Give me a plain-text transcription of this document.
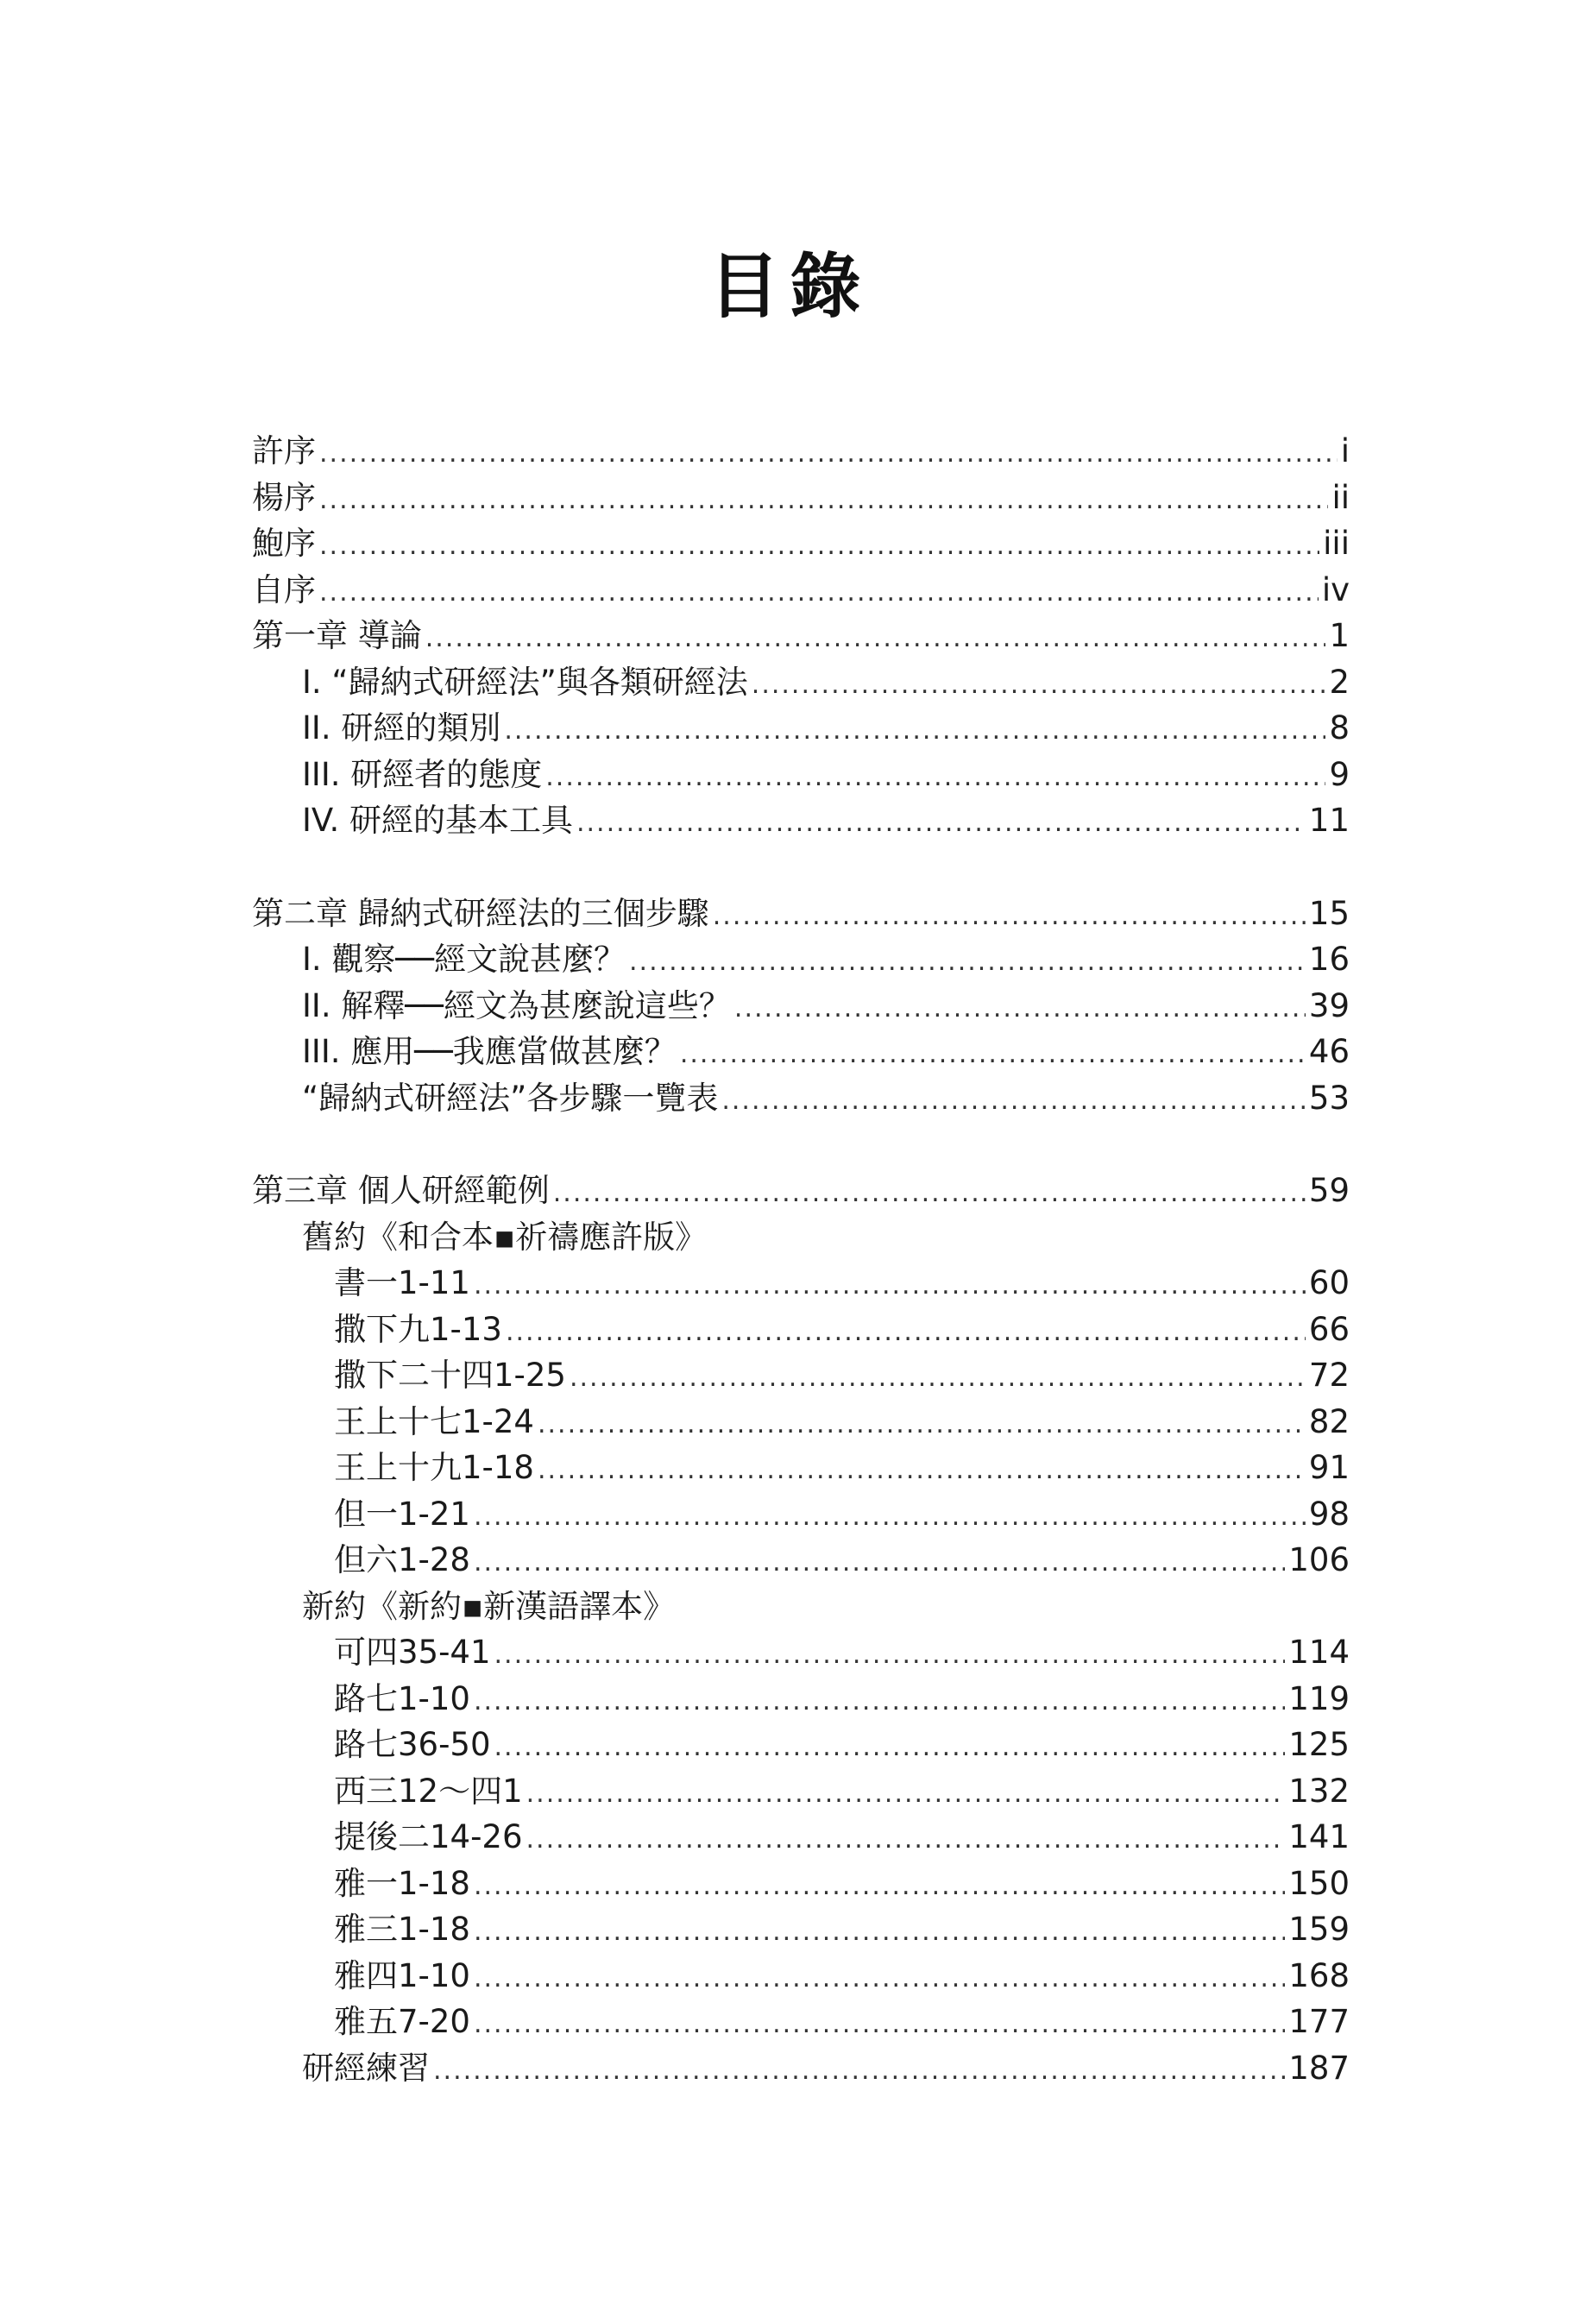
目錄
許序 .....	i
楊序 .....	ii
鮑序 .....	iii
自序 .....	iv
第一章 導論 .....	1
I. “歸納式研經法”與各類研經法 .....	2
II. 研經的類別 .....	8
III. 研經者的態度 .....	9
IV. 研經的基本工具 .....	11
第二章 歸納式研經法的三個步驟 .....	15
I. 觀察──經文說甚麼？ .....	16
II. 解釋──經文為甚麼說這些？ .....	39
III. 應用──我應當做甚麼？ .....	46
“歸納式研經法”各步驟一覽表 .....	53
第三章 個人研經範例 .....	59
舊約《和合本▪祈禱應許版》
書一1-11 .....	60
撒下九1-13 .....	66
撒下二十四1-25 .....	72
王上十七1-24 .....	82
王上十九1-18 .....	91
但一1-21 .....	98
但六1-28 .....	106
新約《新約▪新漢語譯本》
可四35-41 .....	114
路七1-10 .....	119
路七36-50 .....	125
西三12～四1 .....	132
提後二14-26 .....	141
雅一1-18 .....	150
雅三1-18 .....	159
雅四1-10 .....	168
雅五7-20 .....	177
研經練習 .....	187
